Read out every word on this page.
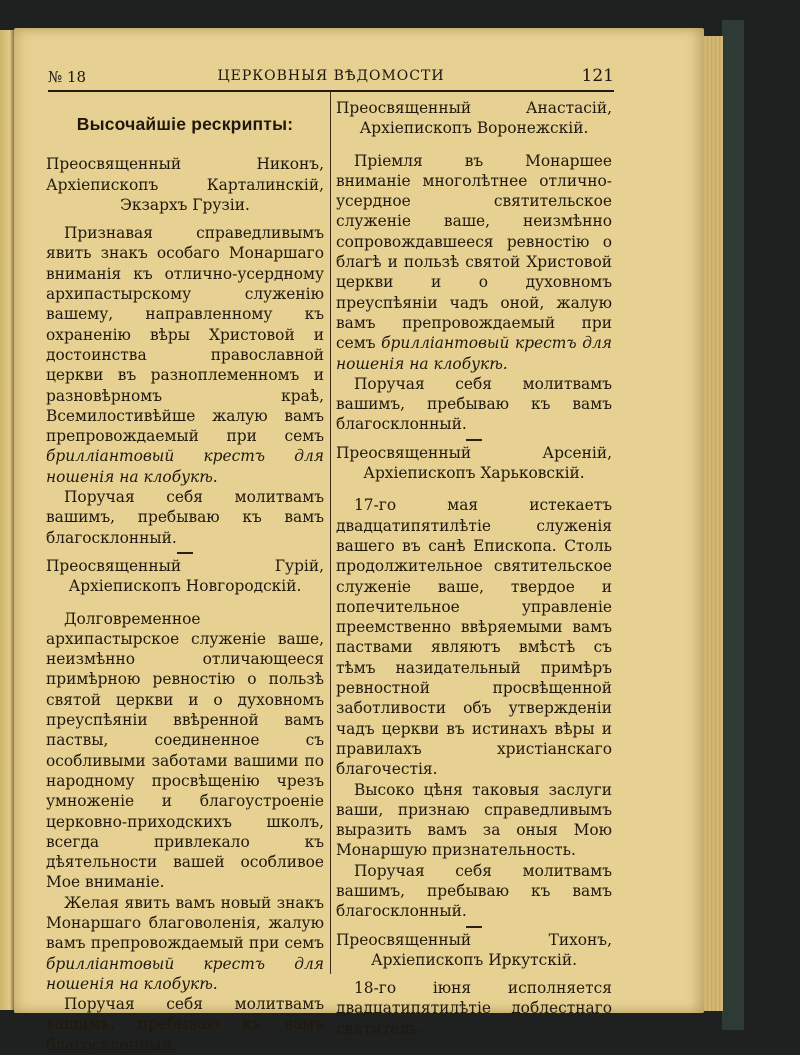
№ 18	ЦЕРКОВНЫЯ ВѢДОМОСТИ	121
Высочайшіе рескрипты:

Преосвященный Никонъ, Архіепископъ Карталинскій, Экзархъ Грузіи.

Признавая справедливымъ явить знакъ особаго Монаршаго вниманія къ отлично-усердному архипастырскому служенію вашему, направленному къ охраненію вѣры Христовой и достоинства православной церкви въ разноплеменномъ и разновѣрномъ краѣ, Всемилостивѣйше жалую вамъ препровождаемый при семъ бриллiантовый крестъ для ношенія на клобукѣ.

Поручая себя молитвамъ вашимъ, пребываю къ вамъ благосклонный.

Преосвященный Гурій, Архіепископъ Новгородскій.

Долговременное архипастырское служеніе ваше, неизмѣнно отличающееся примѣрною ревностію о пользѣ святой церкви и о духовномъ преуспѣяніи ввѣренной вамъ паствы, соединенное съ особливыми заботами вашими по народному просвѣщенію чрезъ умноженіе и благоустроеніе церковно-приходскихъ школъ, всегда привлекало къ дѣятельности вашей особливое Мое вниманіе.

Желая явить вамъ новый знакъ Монаршаго благоволенія, жалую вамъ препровождаемый при семъ бриллiантовый крестъ для ношенія на клобукѣ.

Поручая себя молитвамъ вашимъ, пребываю къ вамъ благосклонный.

Преосвященный Анастасій, Архіепископъ Воронежскій.

Пріемля въ Монаршее вниманіе многолѣтнее отлично-усердное святительское служеніе ваше, неизмѣнно сопровождавшееся ревностію о благѣ и пользѣ святой Христовой церкви и о духовномъ преуспѣяніи чадъ оной, жалую вамъ препровождаемый при семъ бриллiантовый крестъ для ношенія на клобукѣ.

Поручая себя молитвамъ вашимъ, пребываю къ вамъ благосклонный.

Преосвященный Арсеній, Архіепископъ Харьковскій.

17-го мая истекаетъ двадцатипятилѣтіе служенія вашего въ санѣ Епископа. Столь продолжительное святительское служеніе ваше, твердое и попечительное управленіе преемственно ввѣряемыми вамъ паствами являютъ вмѣстѣ съ тѣмъ назидательный примѣръ ревностной просвѣщенной заботливости объ утвержденіи чадъ церкви въ истинахъ вѣры и правилахъ христіанскаго благочестія.

Высоко цѣня таковыя заслуги ваши, признаю справедливымъ выразить вамъ за оныя Мою Монаршую признательность.

Поручая себя молитвамъ вашимъ, пребываю къ вамъ благосклонный.

Преосвященный Тихонъ, Архіепископъ Иркутскій.

18-го іюня исполняется двадцатипятилѣтіе доблестнаго святитель-
